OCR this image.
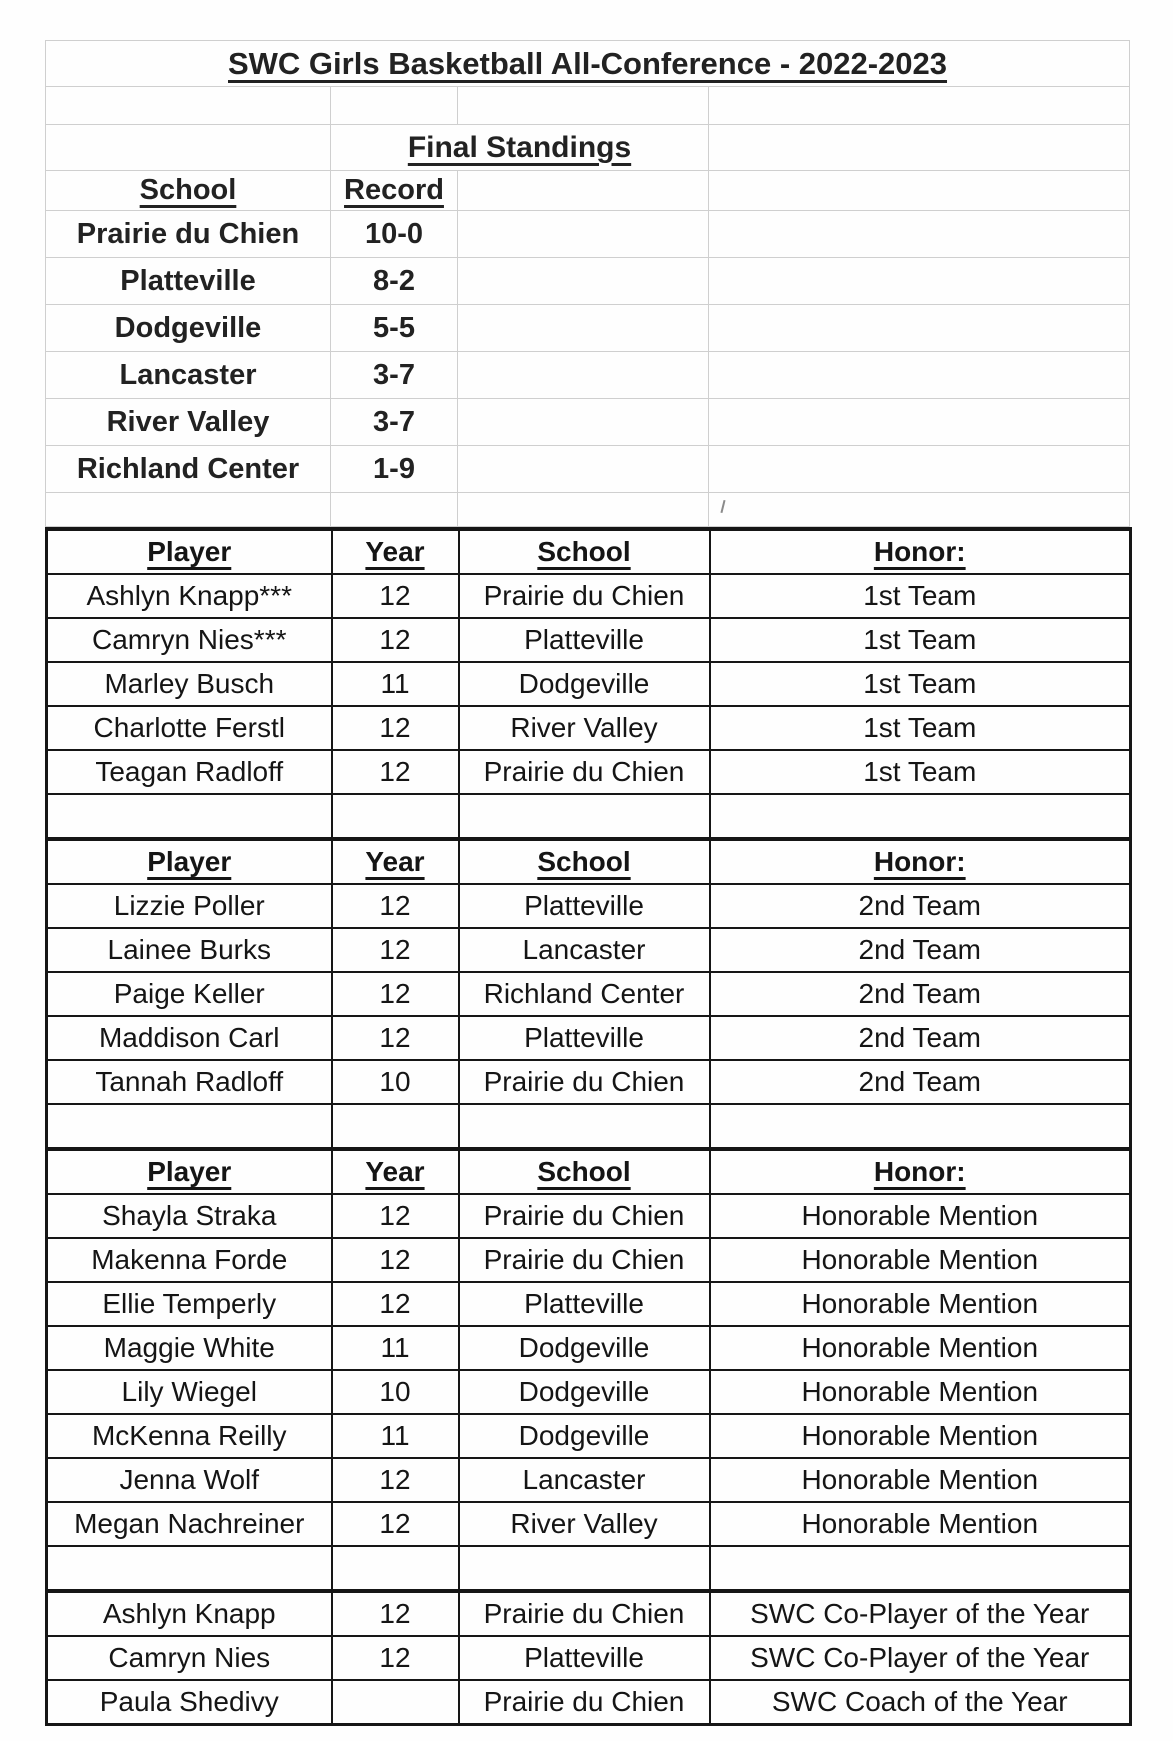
SWC Girls Basketball All-Conference - 2022-2023			

	Final Standings		
School	Record		
Prairie du Chien	10-0		
Platteville	8-2		
Dodgeville	5-5		
Lancaster	3-7		
River Valley	3-7		
Richland Center	1-9		

Player	Year	School	Honor:
Ashlyn Knapp***	12	Prairie du Chien	1st Team
Camryn Nies***	12	Platteville	1st Team
Marley Busch	11	Dodgeville	1st Team
Charlotte Ferstl	12	River Valley	1st Team
Teagan Radloff	12	Prairie du Chien	1st Team

Player	Year	School	Honor:
Lizzie Poller	12	Platteville	2nd Team
Lainee Burks	12	Lancaster	2nd Team
Paige Keller	12	Richland Center	2nd Team
Maddison Carl	12	Platteville	2nd Team
Tannah Radloff	10	Prairie du Chien	2nd Team

Player	Year	School	Honor:
Shayla Straka	12	Prairie du Chien	Honorable Mention
Makenna Forde	12	Prairie du Chien	Honorable Mention
Ellie Temperly	12	Platteville	Honorable Mention
Maggie White	11	Dodgeville	Honorable Mention
Lily Wiegel	10	Dodgeville	Honorable Mention
McKenna Reilly	11	Dodgeville	Honorable Mention
Jenna Wolf	12	Lancaster	Honorable Mention
Megan Nachreiner	12	River Valley	Honorable Mention

Ashlyn Knapp	12	Prairie du Chien	SWC Co-Player of the Year
Camryn Nies	12	Platteville	SWC Co-Player of the Year
Paula Shedivy		Prairie du Chien	SWC Coach of the Year
